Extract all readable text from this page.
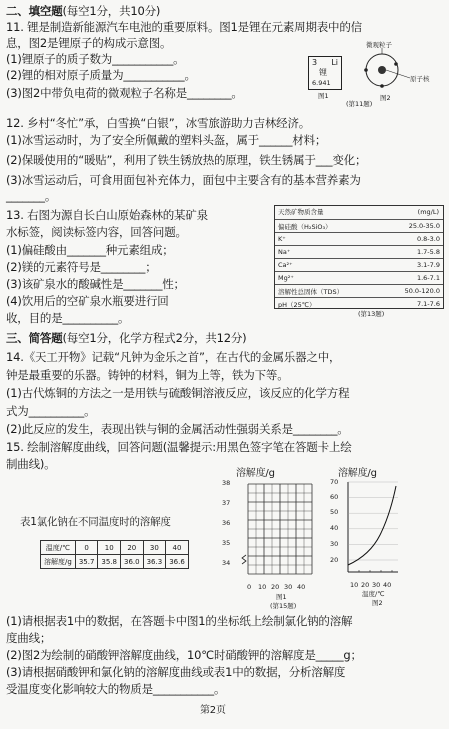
二、填空题(每空1分，共10分)
11. 锂是制造新能源汽车电池的重要原料。图1是锂在元素周期表中的信
息，图2是锂原子的构成示意图。
(1)锂原子的质子数为___________。
(2)锂的相对原子质量为___________。
(3)图2中带负电荷的微观粒子名称是________。
3 Li
锂
6.941
图1
微观粒子
原子核
(第11题)
图2
12. 乡村“冬忙”承，白雪换“白银”，冰雪旅游助力吉林经济。
(1)冰雪运动时，为了安全所佩戴的塑料头盔，属于______材料；
(2)保暖使用的“暖贴”，利用了铁生锈放热的原理，铁生锈属于___变化；
(3)冰雪运动后，可食用面包补充体力，面包中主要含有的基本营养素为
_______。
13. 右图为源自长白山原始森林的某矿泉
水标签，阅读标签内容，回答问题。
(1)偏硅酸由_______种元素组成；
(2)镁的元素符号是________；
(3)该矿泉水的酸碱性是_______性；
(4)饮用后的空矿泉水瓶要进行回
收，目的是__________。
天然矿物质含量	(mg/L)
偏硅酸（H₂SiO₃）	25.0-35.0
K⁺	0.8-3.0
Na⁺	1.7-5.8
Ca²⁺	3.1-7.9
Mg²⁺	1.6-7.1
溶解性总固体（TDS）	50.0-120.0
pH（25℃）	7.1-7.6
(第13题)
三、简答题(每空1分，化学方程式2分，共12分)
14.《天工开物》记载“凡钟为金乐之首”，在古代的金属乐器之中，
钟是最重要的乐器。铸钟的材料，铜为上等，铁为下等。
(1)古代炼铜的方法之一是用铁与硫酸铜溶液反应，该反应的化学方程
式为__________。
(2)此反应的发生，表现出铁与铜的金属活动性强弱关系是________。
15. 绘制溶解度曲线，回答问题(温馨提示:用黑色签字笔在答题卡上绘
制曲线)。
表1氯化钠在不同温度时的溶解度
温度/℃	0	10	20	30	40
溶解度/g	35.7	35.8	36.0	36.3	36.6
溶解度/g
38
37
36
35
34
0 10 20 30 40
图1
溶解度/g
70
60
50
40
30
20
10 20 30 40
温度/℃
图2
(第15题)
(1)请根据表1中的数据，在答题卡中图1的坐标纸上绘制氯化钠的溶解
度曲线；
(2)图2为绘制的硝酸钾溶解度曲线，10℃时硝酸钾的溶解度是_____g；
(3)请根据硝酸钾和氯化钠的溶解度曲线或表1中的数据，分析溶解度
受温度变化影响较大的物质是___________。
第2页
